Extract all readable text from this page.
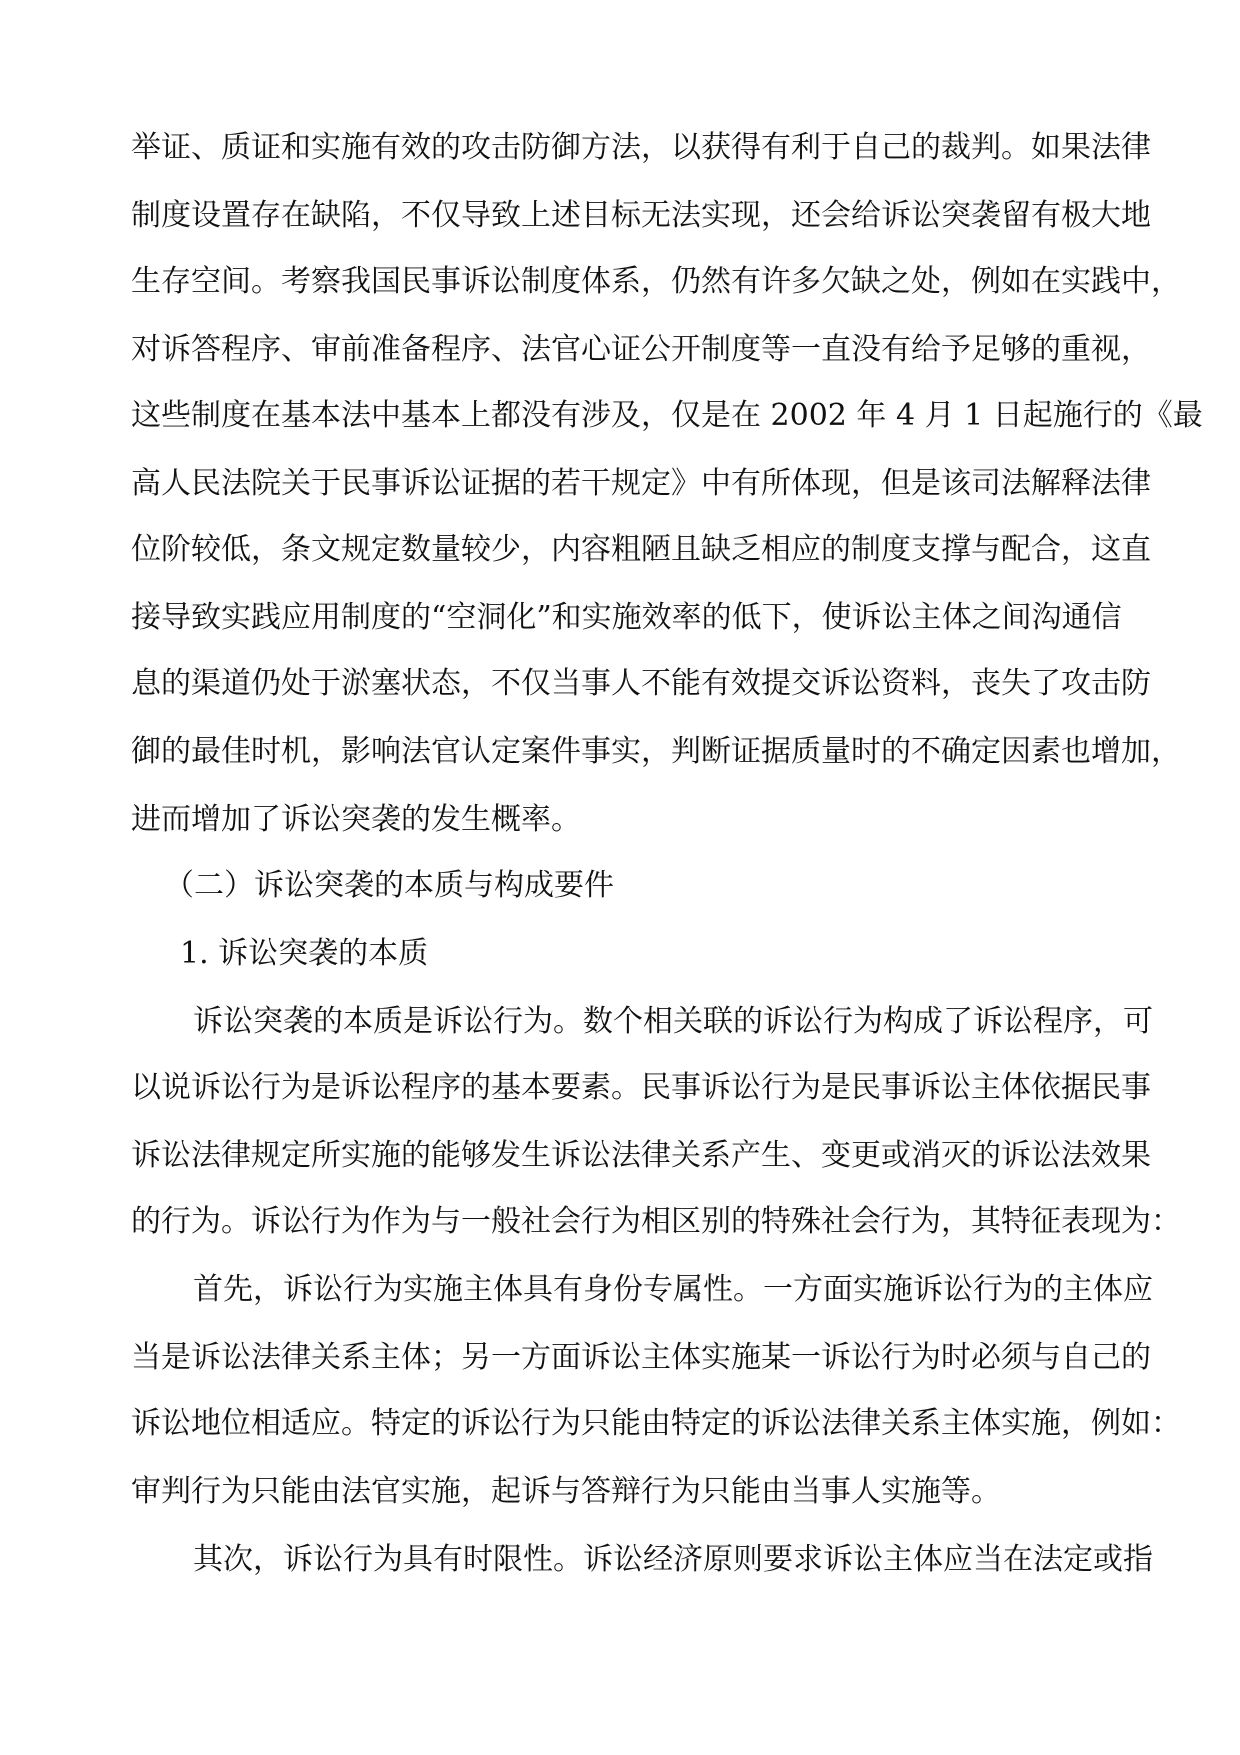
举证、质证和实施有效的攻击防御方法，以获得有利于自己的裁判。如果法律
制度设置存在缺陷，不仅导致上述目标无法实现，还会给诉讼突袭留有极大地
生存空间。考察我国民事诉讼制度体系，仍然有许多欠缺之处，例如在实践中，
对诉答程序、审前准备程序、法官心证公开制度等一直没有给予足够的重视，
这些制度在基本法中基本上都没有涉及，仅是在 2002 年 4 月 1 日起施行的《最
高人民法院关于民事诉讼证据的若干规定》中有所体现，但是该司法解释法律
位阶较低，条文规定数量较少，内容粗陋且缺乏相应的制度支撑与配合，这直
接导致实践应用制度的“空洞化”和实施效率的低下，使诉讼主体之间沟通信
息的渠道仍处于淤塞状态，不仅当事人不能有效提交诉讼资料，丧失了攻击防
御的最佳时机，影响法官认定案件事实，判断证据质量时的不确定因素也增加，
进而增加了诉讼突袭的发生概率。
（二）诉讼突袭的本质与构成要件
1. 诉讼突袭的本质
诉讼突袭的本质是诉讼行为。数个相关联的诉讼行为构成了诉讼程序，可
以说诉讼行为是诉讼程序的基本要素。民事诉讼行为是民事诉讼主体依据民事
诉讼法律规定所实施的能够发生诉讼法律关系产生、变更或消灭的诉讼法效果
的行为。诉讼行为作为与一般社会行为相区别的特殊社会行为，其特征表现为：
首先，诉讼行为实施主体具有身份专属性。一方面实施诉讼行为的主体应
当是诉讼法律关系主体；另一方面诉讼主体实施某一诉讼行为时必须与自己的
诉讼地位相适应。特定的诉讼行为只能由特定的诉讼法律关系主体实施，例如：
审判行为只能由法官实施，起诉与答辩行为只能由当事人实施等。
其次，诉讼行为具有时限性。诉讼经济原则要求诉讼主体应当在法定或指
